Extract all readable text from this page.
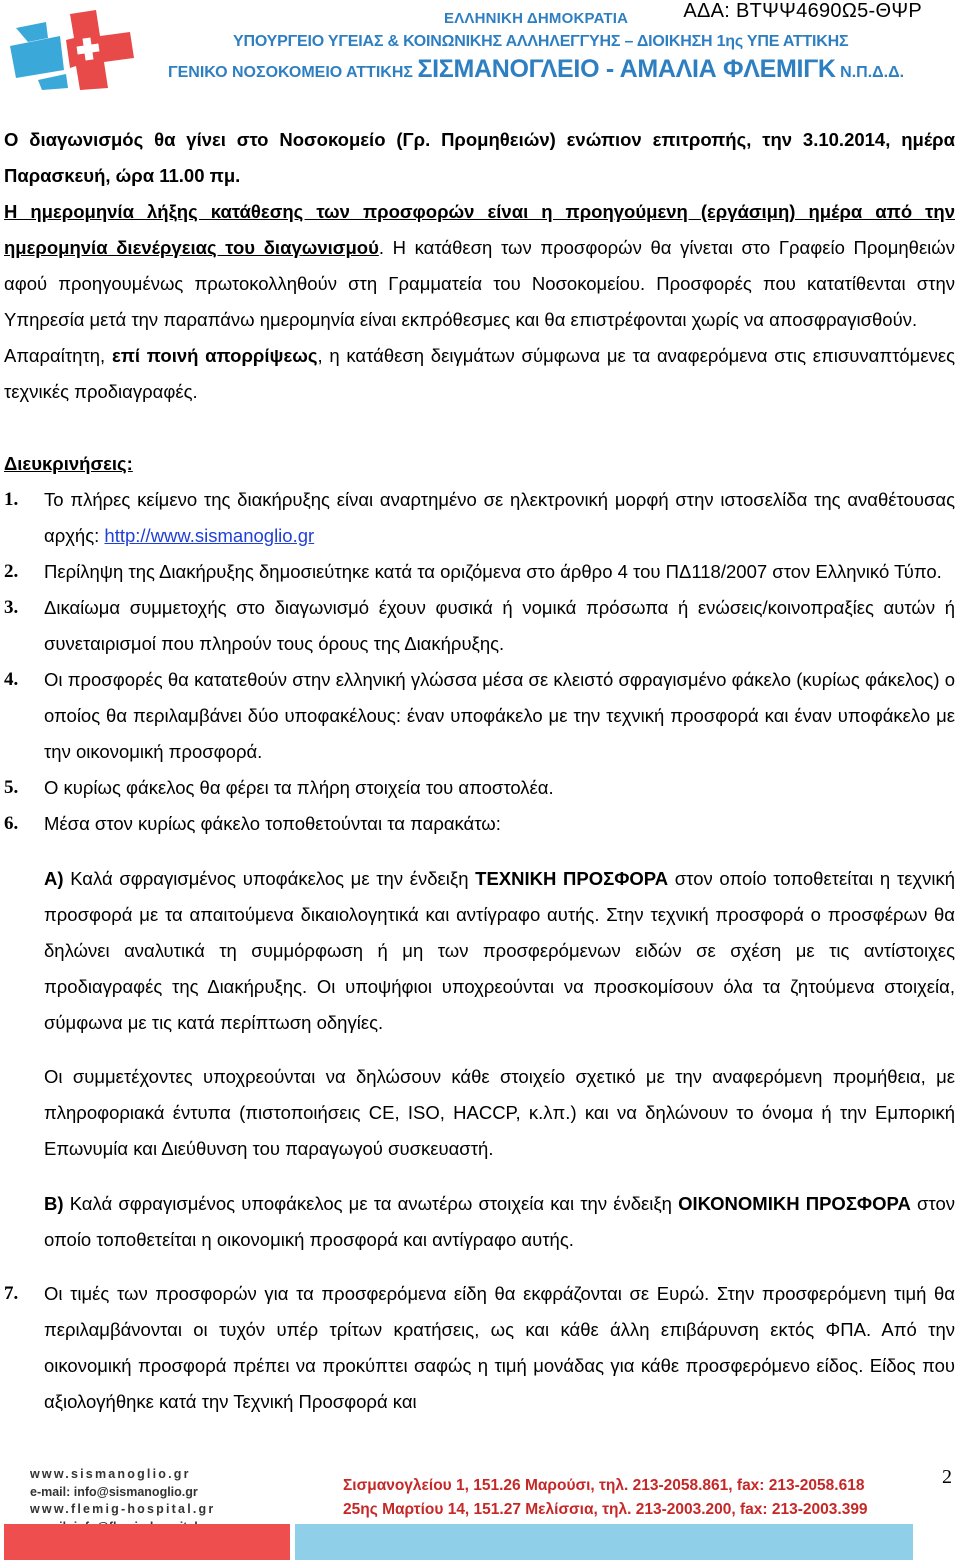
ΑΔΑ: ΒΤΨΨ4690Ω5-ΘΨΡ
ΕΛΛΗΝΙΚΗ ΔΗΜΟΚΡΑΤΙΑ
ΥΠΟΥΡΓΕΙΟ ΥΓΕΙΑΣ & ΚΟΙΝΩΝΙΚΗΣ ΑΛΛΗΛΕΓΓΥΗΣ – ΔΙΟΙΚΗΣΗ 1ης ΥΠΕ ΑΤΤΙΚΗΣ
ΓΕΝΙΚΟ ΝΟΣΟΚΟΜΕΙΟ ΑΤΤΙΚΗΣ ΣΙΣΜΑΝΟΓΛΕΙΟ - ΑΜΑΛΙΑ ΦΛΕΜΙΓΚ Ν.Π.Δ.Δ.

Ο διαγωνισμός θα γίνει στο Νοσοκομείο (Γρ. Προμηθειών) ενώπιον επιτροπής, την 3.10.2014, ημέρα Παρασκευή, ώρα 11.00 πμ.

Η ημερομηνία λήξης κατάθεσης των προσφορών είναι η προηγούμενη (εργάσιμη) ημέρα από την ημερομηνία διενέργειας του διαγωνισμού. Η κατάθεση των προσφορών θα γίνεται στο Γραφείο Προμηθειών αφού προηγουμένως πρωτοκολληθούν στη Γραμματεία του Νοσοκομείου. Προσφορές που κατατίθενται στην Υπηρεσία μετά την παραπάνω ημερομηνία είναι εκπρόθεσμες και θα επιστρέφονται χωρίς να αποσφραγισθούν.

Απαραίτητη, επί ποινή απορρίψεως, η κατάθεση δειγμάτων σύμφωνα με τα αναφερόμενα στις επισυναπτόμενες τεχνικές προδιαγραφές.

Διευκρινήσεις:

1.	Το πλήρες κείμενο της διακήρυξης είναι αναρτημένο σε ηλεκτρονική μορφή στην ιστοσελίδα της αναθέτουσας αρχής: http://www.sismanoglio.gr
2.	Περίληψη της Διακήρυξης δημοσιεύτηκε κατά τα οριζόμενα στο άρθρο 4 του ΠΔ118/2007 στον Ελληνικό Τύπο.
3.	Δικαίωμα συμμετοχής στο διαγωνισμό έχουν φυσικά ή νομικά πρόσωπα ή ενώσεις/κοινοπραξίες αυτών ή συνεταιρισμοί που πληρούν τους όρους της Διακήρυξης.
4.	Οι προσφορές θα κατατεθούν στην ελληνική γλώσσα μέσα σε κλειστό σφραγισμένο φάκελο (κυρίως φάκελος) ο οποίος θα περιλαμβάνει δύο υποφακέλους: έναν υποφάκελο με την τεχνική προσφορά και έναν υποφάκελο με την οικονομική προσφορά.
5.	Ο κυρίως φάκελος θα φέρει τα πλήρη στοιχεία του αποστολέα.
6.	Μέσα στον κυρίως φάκελο τοποθετούνται τα παρακάτω:

Α) Καλά σφραγισμένος υποφάκελος με την ένδειξη ΤΕΧΝΙΚΗ ΠΡΟΣΦΟΡΑ στον οποίο τοποθετείται η τεχνική προσφορά με τα απαιτούμενα δικαιολογητικά και αντίγραφο αυτής. Στην τεχνική προσφορά ο προσφέρων θα δηλώνει αναλυτικά τη συμμόρφωση ή μη των προσφερόμενων ειδών σε σχέση με τις αντίστοιχες προδιαγραφές της Διακήρυξης. Οι υποψήφιοι υποχρεούνται να προσκομίσουν όλα τα ζητούμενα στοιχεία, σύμφωνα με τις κατά περίπτωση οδηγίες.

Οι συμμετέχοντες υποχρεούνται να δηλώσουν κάθε στοιχείο σχετικό με την αναφερόμενη προμήθεια, με πληροφοριακά έντυπα (πιστοποιήσεις CE, ISO, HACCP, κ.λπ.) και να δηλώνουν το όνομα ή την Εμπορική Επωνυμία και Διεύθυνση του παραγωγού συσκευαστή.

Β) Καλά σφραγισμένος υποφάκελος με τα ανωτέρω στοιχεία και την ένδειξη ΟΙΚΟΝΟΜΙΚΗ ΠΡΟΣΦΟΡΑ στον οποίο τοποθετείται η οικονομική προσφορά και αντίγραφο αυτής.

7.	Οι τιμές των προσφορών για τα προσφερόμενα είδη θα εκφράζονται σε Ευρώ. Στην προσφερόμενη τιμή θα περιλαμβάνονται οι τυχόν υπέρ τρίτων κρατήσεις, ως και κάθε άλλη επιβάρυνση εκτός ΦΠΑ. Από την οικονομική προσφορά πρέπει να προκύπτει σαφώς η τιμή μονάδας για κάθε προσφερόμενο είδος. Είδος που αξιολογήθηκε κατά την Τεχνική Προσφορά και
www.sismanoglio.gr
e-mail: info@sismanoglio.gr
www.flemig-hospital.gr
Σισμανογλείου 1, 151.26 Μαρούσι, τηλ. 213-2058.861, fax: 213-2058.618
25ης Μαρτίου 14, 151.27 Μελίσσια, τηλ. 213-2003.200, fax: 213-2003.399
2
